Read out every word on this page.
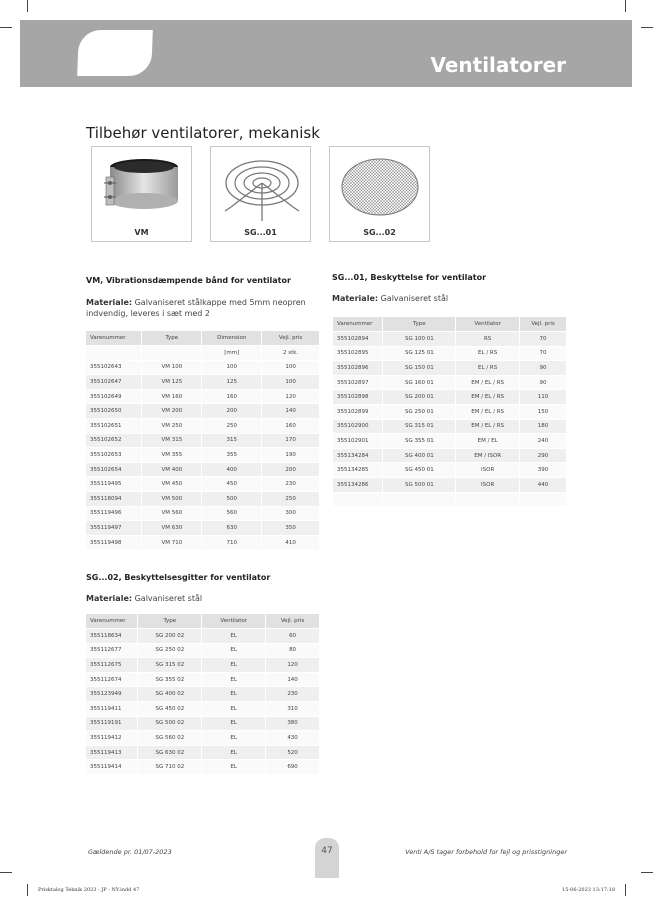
Ventilatorer
Tilbehør ventilatorer, mekanisk
VM	SG...01	SG...02
VM, Vibrationsdæmpende bånd for ventilator
Materiale: Galvaniseret stålkappe med 5mm neopren indvendig, leveres i sæt med 2
Varenummer	Type	Dimension	Vejl. pris
		[mm]	2 stk.
355102643	VM 100	100	100
355102647	VM 125	125	100
355102649	VM 160	160	120
355102650	VM 200	200	140
355102651	VM 250	250	160
355102652	VM 315	315	170
355102653	VM 355	355	190
355102654	VM 400	400	200
355119495	VM 450	450	230
355118094	VM 500	500	250
355119496	VM 560	560	300
355119497	VM 630	630	350
355119498	VM 710	710	410
SG...01, Beskyttelse for ventilator
Materiale: Galvaniseret stål
Varenummer	Type	Ventilator	Vejl. pris
355102894	SG 100 01	RS	70
355102895	SG 125 01	EL / RS	70
355102896	SG 150 01	EL / RS	90
355102897	SG 160 01	EM / EL / RS	90
355102898	SG 200 01	EM / EL / RS	110
355102899	SG 250 01	EM / EL / RS	150
355102900	SG 315 01	EM / EL / RS	180
355102901	SG 355 01	EM / EL	240
355134284	SG 400 01	EM / ISOR	290
355134285	SG 450 01	ISOR	390
355134286	SG 500 01	ISOR	440

SG...02, Beskyttelsesgitter for ventilator
Materiale: Galvaniseret stål
Varenummer	Type	Ventilator	Vejl. pris
355118634	SG 200 02	EL	60
355112677	SG 250 02	EL	80
355112675	SG 315 02	EL	120
355112674	SG 355 02	EL	140
355123949	SG 400 02	EL	230
355119411	SG 450 02	EL	310
355119191	SG 500 02	EL	380
355119412	SG 560 02	EL	430
355119413	SG 630 02	EL	520
355119414	SG 710 02	EL	690
Gældende pr. 01/07-2023	47	Venti A/S tager forbehold for fejl og prisstigninger
Prisktalog Teknik 2023 - JP - NY.indd 47	15-06-2023 13:17:18
